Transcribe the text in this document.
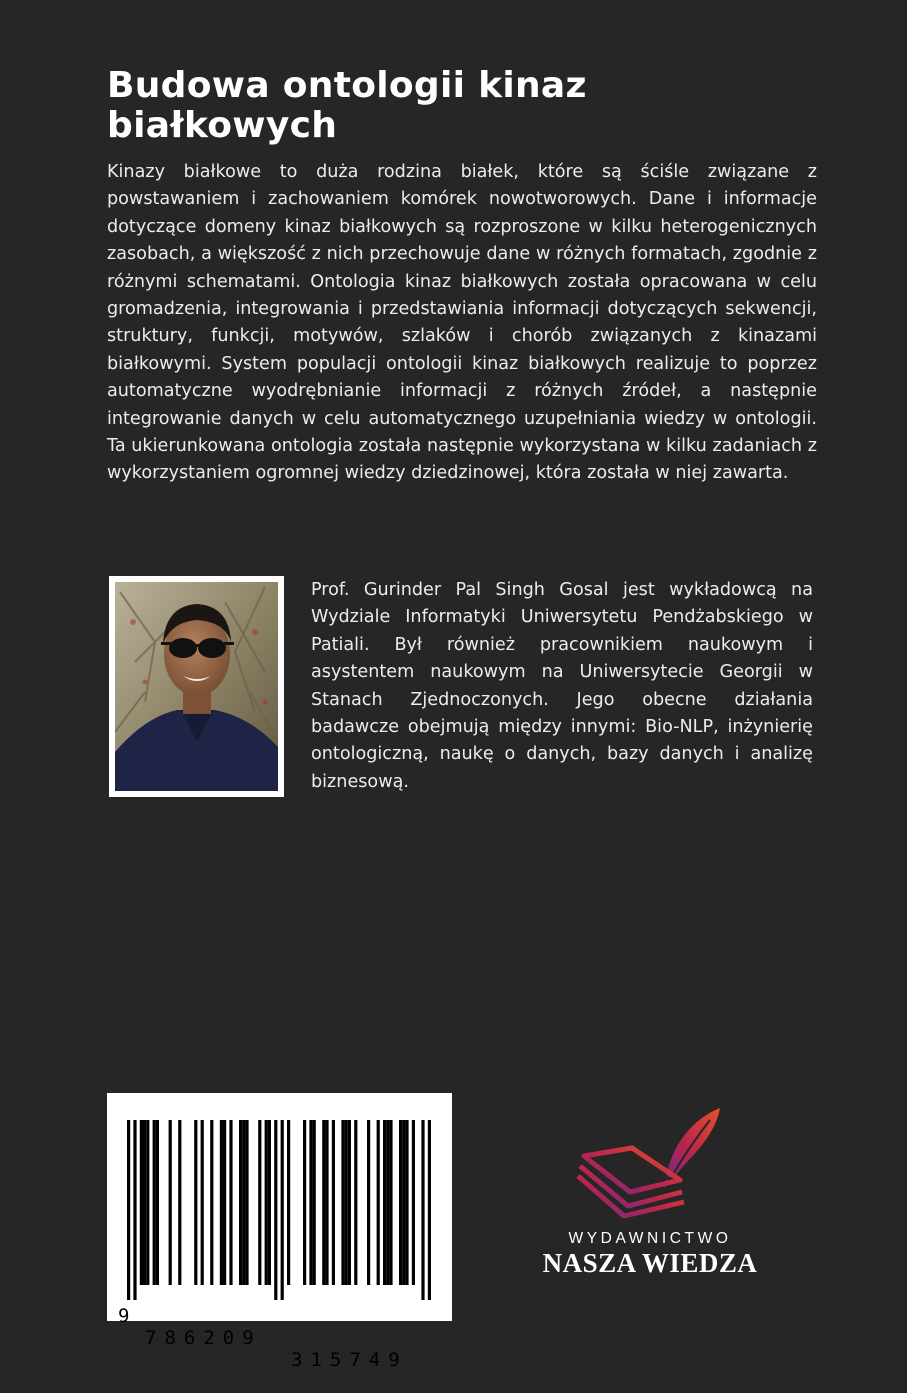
Budowa ontologii kinaz białkowych

Kinazy białkowe to duża rodzina białek, które są ściśle związane z powstawaniem i zachowaniem komórek nowotworowych. Dane i informacje dotyczące domeny kinaz białkowych są rozproszone w kilku heterogenicznych zasobach, a większość z nich przechowuje dane w różnych formatach, zgodnie z różnymi schematami. Ontologia kinaz białkowych została opracowana w celu gromadzenia, integrowania i przedstawiania informacji dotyczących sekwencji, struktury, funkcji, motywów, szlaków i chorób związanych z kinazami białkowymi. System populacji ontologii kinaz białkowych realizuje to poprzez automatyczne wyodrębnianie informacji z różnych źródeł, a następnie integrowanie danych w celu automatycznego uzupełniania wiedzy w ontologii. Ta ukierunkowana ontologia została następnie wykorzystana w kilku zadaniach z wykorzystaniem ogromnej wiedzy dziedzinowej, która została w niej zawarta.

Prof. Gurinder Pal Singh Gosal jest wykładowcą na Wydziale Informatyki Uniwersytetu Pendżabskiego w Patiali. Był również pracownikiem naukowym i asystentem naukowym na Uniwersytecie Georgii w Stanach Zjednoczonych. Jego obecne działania badawcze obejmują między innymi: Bio-NLP, inżynierię ontologiczną, naukę o danych, bazy danych i analizę biznesową.

9

786209

315749

WYDAWNICTWO
NASZA WIEDZA
